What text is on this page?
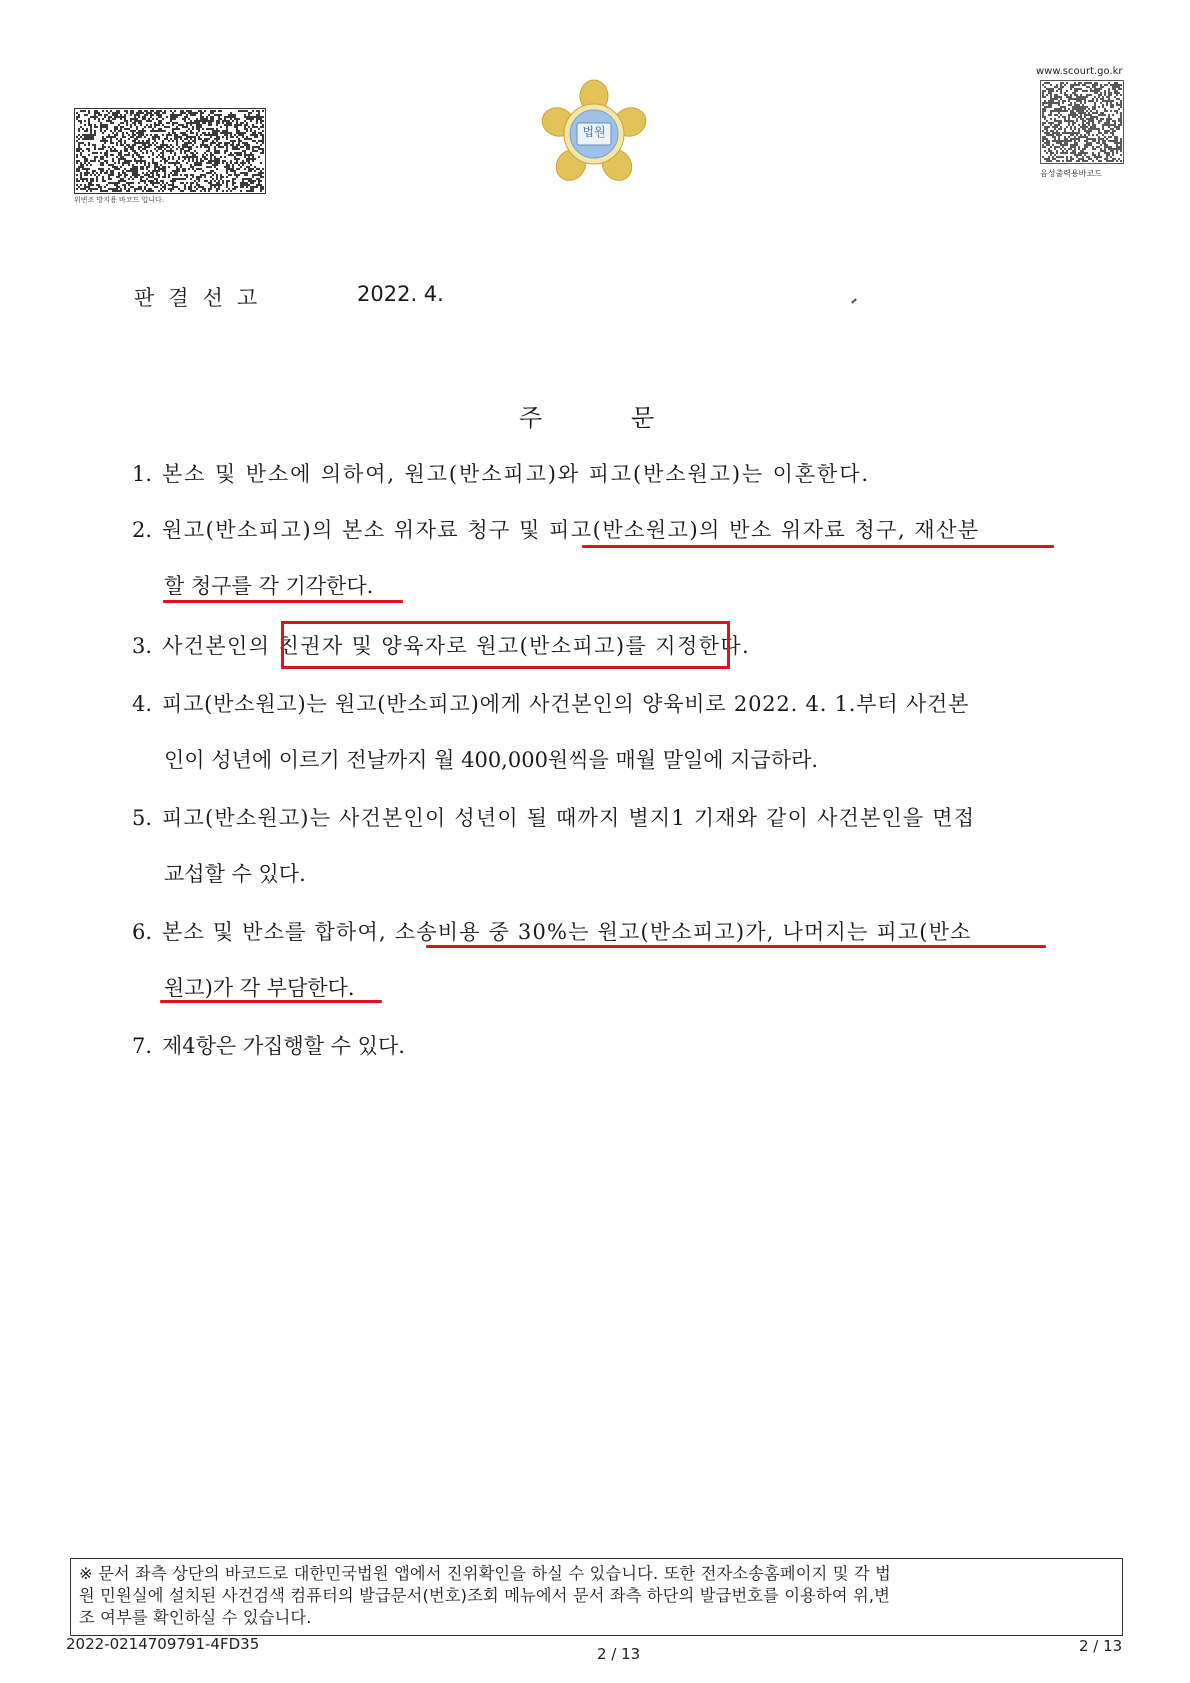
위변조 방지용 바코드 입니다.
법원
www.scourt.go.kr
음성출력용바코드
판결선고	2022. 4.
주	문
1. 본소 및 반소에 의하여, 원고(반소피고)와 피고(반소원고)는 이혼한다.
2. 원고(반소피고)의 본소 위자료 청구 및 피고(반소원고)의 반소 위자료 청구, 재산분
할 청구를 각 기각한다.
3. 사건본인의 친권자 및 양육자로 원고(반소피고)를 지정한다.
4. 피고(반소원고)는 원고(반소피고)에게 사건본인의 양육비로 2022. 4. 1.부터 사건본
인이 성년에 이르기 전날까지 월 400,000원씩을 매월 말일에 지급하라.
5. 피고(반소원고)는 사건본인이 성년이 될 때까지 별지1 기재와 같이 사건본인을 면접
교섭할 수 있다.
6. 본소 및 반소를 합하여, 소송비용 중 30%는 원고(반소피고)가, 나머지는 피고(반소
원고)가 각 부담한다.
7. 제4항은 가집행할 수 있다.
※ 문서 좌측 상단의 바코드로 대한민국법원 앱에서 진위확인을 하실 수 있습니다. 또한 전자소송홈페이지 및 각 법
원 민원실에 설치된 사건검색 컴퓨터의 발급문서(번호)조회 메뉴에서 문서 좌측 하단의 발급번호를 이용하여 위,변
조 여부를 확인하실 수 있습니다.
2022-0214709791-4FD35
2 / 13	2 / 13
